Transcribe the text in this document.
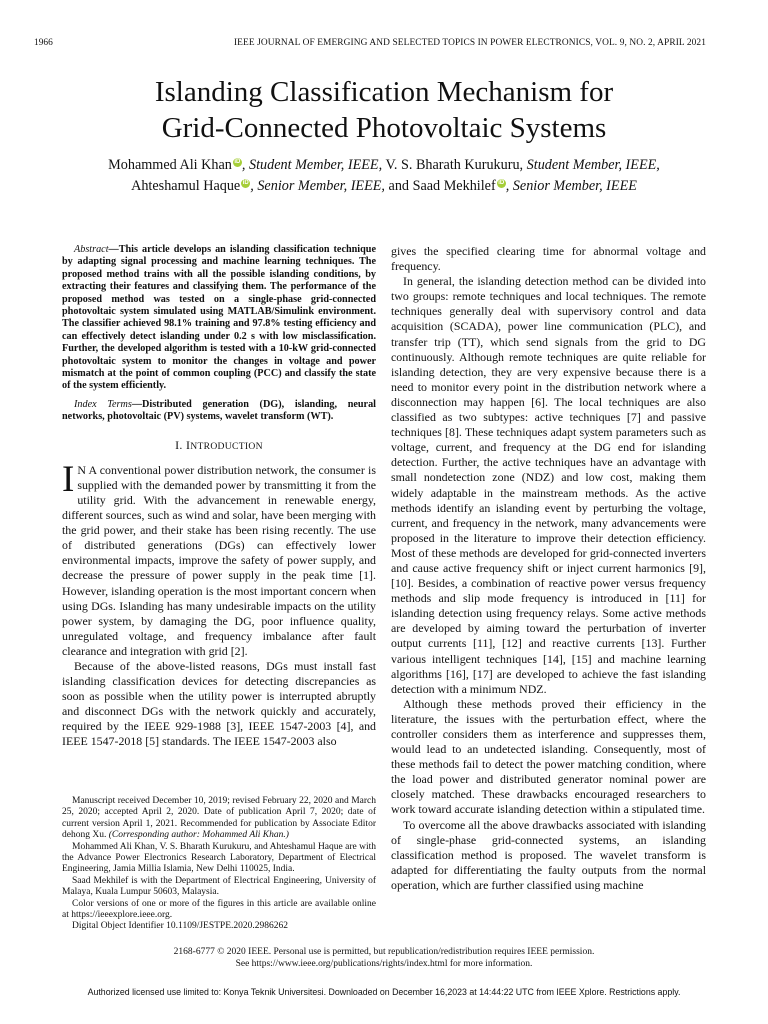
1966	IEEE JOURNAL OF EMERGING AND SELECTED TOPICS IN POWER ELECTRONICS, VOL. 9, NO. 2, APRIL 2021
Islanding Classification Mechanism for
Grid-Connected Photovoltaic Systems
Mohammed Ali Khan iD , Student Member, IEEE, V. S. Bharath Kurukuru, Student Member, IEEE,
Ahteshamul Haque iD , Senior Member, IEEE, and Saad Mekhilef iD , Senior Member, IEEE

Abstract—This article develops an islanding classification technique by adapting signal processing and machine learning techniques. The proposed method trains with all the possible islanding conditions, by extracting their features and classifying them. The performance of the proposed method was tested on a single-phase grid-connected photovoltaic system simulated using MATLAB/Simulink environment. The classifier achieved 98.1% training and 97.8% testing efficiency and can effectively detect islanding under 0.2 s with low misclassification. Further, the developed algorithm is tested with a 10-kW grid-connected photovoltaic system to monitor the changes in voltage and power mismatch at the point of common coupling (PCC) and classify the state of the system efficiently.

Index Terms—Distributed generation (DG), islanding, neural networks, photovoltaic (PV) systems, wavelet transform (WT).

I. INTRODUCTION

I N A conventional power distribution network, the consumer is supplied with the demanded power by transmitting it from the utility grid. With the advancement in renewable energy, different sources, such as wind and solar, have been merging with the grid power, and their stake has been rising recently. The use of distributed generations (DGs) can effectively lower environmental impacts, improve the safety of power supply, and decrease the pressure of power supply in the peak time [1]. However, islanding operation is the most important concern when using DGs. Islanding has many undesirable impacts on the utility power system, by damaging the DG, poor influence quality, unregulated voltage, and frequency imbalance after fault clearance and integration with grid [2].

Because of the above-listed reasons, DGs must install fast islanding classification devices for detecting discrepancies as soon as possible when the utility power is interrupted abruptly and disconnect DGs with the network quickly and accurately, required by the IEEE 929-1988 [3], IEEE 1547-2003 [4], and IEEE 1547-2018 [5] standards. The IEEE 1547-2003 also

gives the specified clearing time for abnormal voltage and frequency.

In general, the islanding detection method can be divided into two groups: remote techniques and local techniques. The remote techniques generally deal with supervisory control and data acquisition (SCADA), power line communication (PLC), and transfer trip (TT), which send signals from the grid to DG continuously. Although remote techniques are quite reliable for islanding detection, they are very expensive because there is a need to monitor every point in the distribution network where a disconnection may happen [6]. The local techniques are also classified as two subtypes: active techniques [7] and passive techniques [8]. These techniques adapt system parameters such as voltage, current, and frequency at the DG end for islanding detection. Further, the active techniques have an advantage with small nondetection zone (NDZ) and low cost, making them widely adaptable in the mainstream methods. As the active methods identify an islanding event by perturbing the voltage, current, and frequency in the network, many advancements were proposed in the literature to improve their detection efficiency. Most of these methods are developed for grid-connected inverters and cause active frequency shift or inject current harmonics [9], [10]. Besides, a combination of reactive power versus frequency methods and slip mode frequency is introduced in [11] for islanding detection using frequency relays. Some active methods are developed by aiming toward the perturbation of inverter output currents [11], [12] and reactive currents [13]. Further various intelligent techniques [14], [15] and machine learning algorithms [16], [17] are developed to achieve the fast islanding detection with a minimum NDZ.

Although these methods proved their efficiency in the literature, the issues with the perturbation effect, where the controller considers them as interference and suppresses them, would lead to an undetected islanding. Consequently, most of these methods fail to detect the power matching condition, where the load power and distributed generator nominal power are closely matched. These drawbacks encouraged researchers to work toward accurate islanding detection within a stipulated time.

To overcome all the above drawbacks associated with islanding of single-phase grid-connected systems, an islanding classification method is proposed. The wavelet transform is adapted for differentiating the faulty outputs from the normal operation, which are further classified using machine

Manuscript received December 10, 2019; revised February 22, 2020 and March 25, 2020; accepted April 2, 2020. Date of publication April 7, 2020; date of current version April 1, 2021. Recommended for publication by Associate Editor dehong Xu. (Corresponding author: Mohammed Ali Khan.)

Mohammed Ali Khan, V. S. Bharath Kurukuru, and Ahteshamul Haque are with the Advance Power Electronics Research Laboratory, Department of Electrical Engineering, Jamia Millia Islamia, New Delhi 110025, India.

Saad Mekhilef is with the Department of Electrical Engineering, University of Malaya, Kuala Lumpur 50603, Malaysia.

Color versions of one or more of the figures in this article are available online at https://ieeexplore.ieee.org.

Digital Object Identifier 10.1109/JESTPE.2020.2986262

2168-6777 © 2020 IEEE. Personal use is permitted, but republication/redistribution requires IEEE permission.
See https://www.ieee.org/publications/rights/index.html for more information.
Authorized licensed use limited to: Konya Teknik Universitesi. Downloaded on December 16,2023 at 14:44:22 UTC from IEEE Xplore. Restrictions apply.
